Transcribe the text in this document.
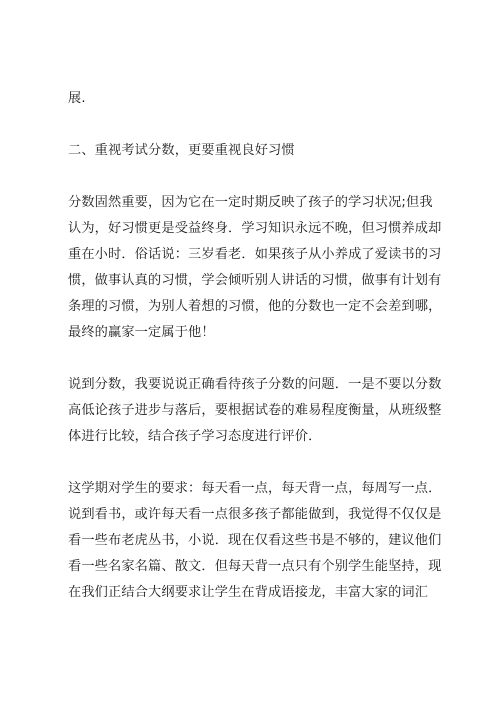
展.
二、重视考试分数，更要重视良好习惯
分数固然重要，因为它在一定时期反映了孩子的学习状况;但我
认为，好习惯更是受益终身．学习知识永远不晚，但习惯养成却
重在小时．俗话说：三岁看老．如果孩子从小养成了爱读书的习
惯，做事认真的习惯，学会倾听别人讲话的习惯，做事有计划有
条理的习惯，为别人着想的习惯，他的分数也一定不会差到哪，
最终的赢家一定属于他！
说到分数，我要说说正确看待孩子分数的问题．一是不要以分数
高低论孩子进步与落后，要根据试卷的难易程度衡量，从班级整
体进行比较，结合孩子学习态度进行评价．
这学期对学生的要求：每天看一点，每天背一点，每周写一点．
说到看书，或许每天看一点很多孩子都能做到，我觉得不仅仅是
看一些布老虎丛书，小说．现在仅看这些书是不够的，建议他们
看一些名家名篇、散文．但每天背一点只有个别学生能坚持，现
在我们正结合大纲要求让学生在背成语接龙，丰富大家的词汇
